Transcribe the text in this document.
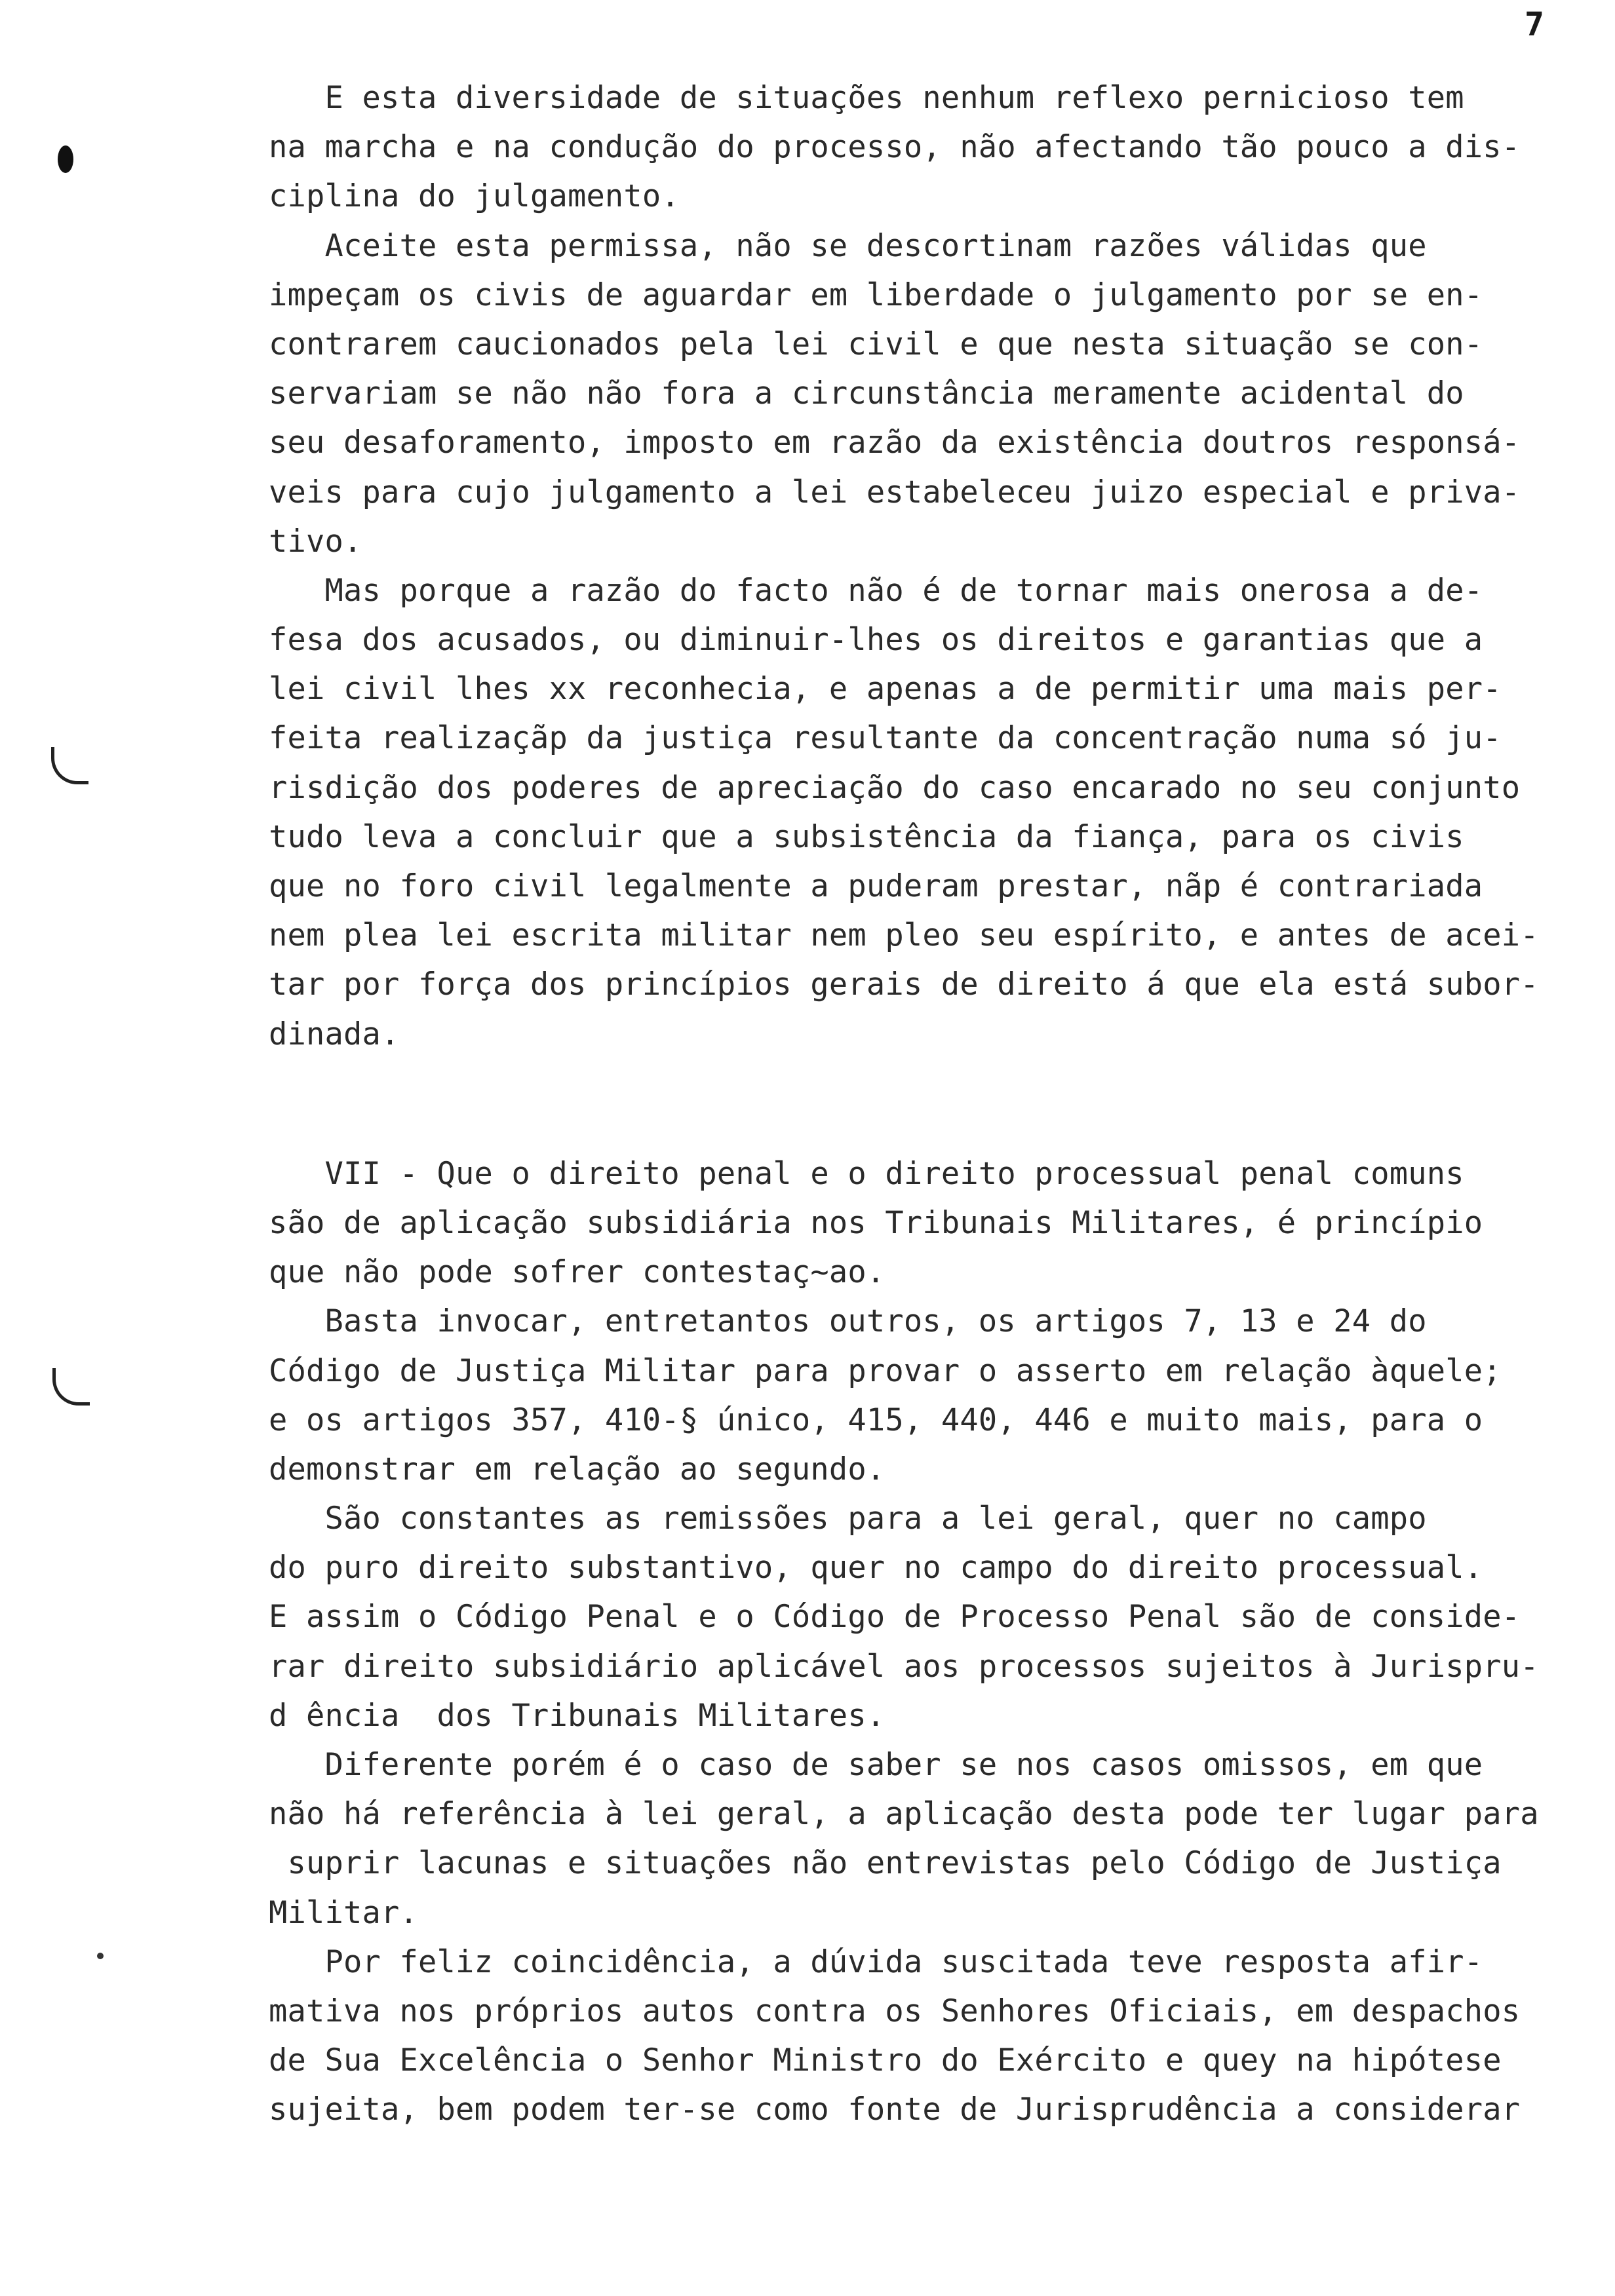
7
E esta diversidade de situações nenhum reflexo pernicioso tem
na marcha e na condução do processo, não afectando tão pouco a dis-
ciplina do julgamento.
Aceite esta permissa, não se descortinam razões válidas que
impeçam os civis de aguardar em liberdade o julgamento por se en-
contrarem caucionados pela lei civil e que nesta situação se con-
servariam se não não fora a circunstância meramente acidental do
seu desaforamento, imposto em razão da existência doutros responsá-
veis para cujo julgamento a lei estabeleceu juizo especial e priva-
tivo.
Mas porque a razão do facto não é de tornar mais onerosa a de-
fesa dos acusados, ou diminuir-lhes os direitos e garantias que a
lei civil lhes xx reconhecia, e apenas a de permitir uma mais per-
feita realizaçãp da justiça resultante da concentração numa só ju-
risdição dos poderes de apreciação do caso encarado no seu conjunto
tudo leva a concluir que a subsistência da fiança, para os civis
que no foro civil legalmente a puderam prestar, nãp é contrariada
nem plea lei escrita militar nem pleo seu espírito, e antes de acei-
tar por força dos princípios gerais de direito á que ela está subor-
dinada.
VII - Que o direito penal e o direito processual penal comuns
são de aplicação subsidiária nos Tribunais Militares, é princípio
que não pode sofrer contestaç~ao.
Basta invocar, entretantos outros, os artigos 7, 13 e 24 do
Código de Justiça Militar para provar o asserto em relação àquele;
e os artigos 357, 410-§ único, 415, 440, 446 e muito mais, para o
demonstrar em relação ao segundo.
São constantes as remissões para a lei geral, quer no campo
do puro direito substantivo, quer no campo do direito processual.
E assim o Código Penal e o Código de Processo Penal são de conside-
rar direito subsidiário aplicável aos processos sujeitos à Jurispru-
d ência  dos Tribunais Militares.
Diferente porém é o caso de saber se nos casos omissos, em que
não há referência à lei geral, a aplicação desta pode ter lugar para
suprir lacunas e situações não entrevistas pelo Código de Justiça
Militar.
Por feliz coincidência, a dúvida suscitada teve resposta afir-
mativa nos próprios autos contra os Senhores Oficiais, em despachos
de Sua Excelência o Senhor Ministro do Exército e quey na hipótese
sujeita, bem podem ter-se como fonte de Jurisprudência a considerar
